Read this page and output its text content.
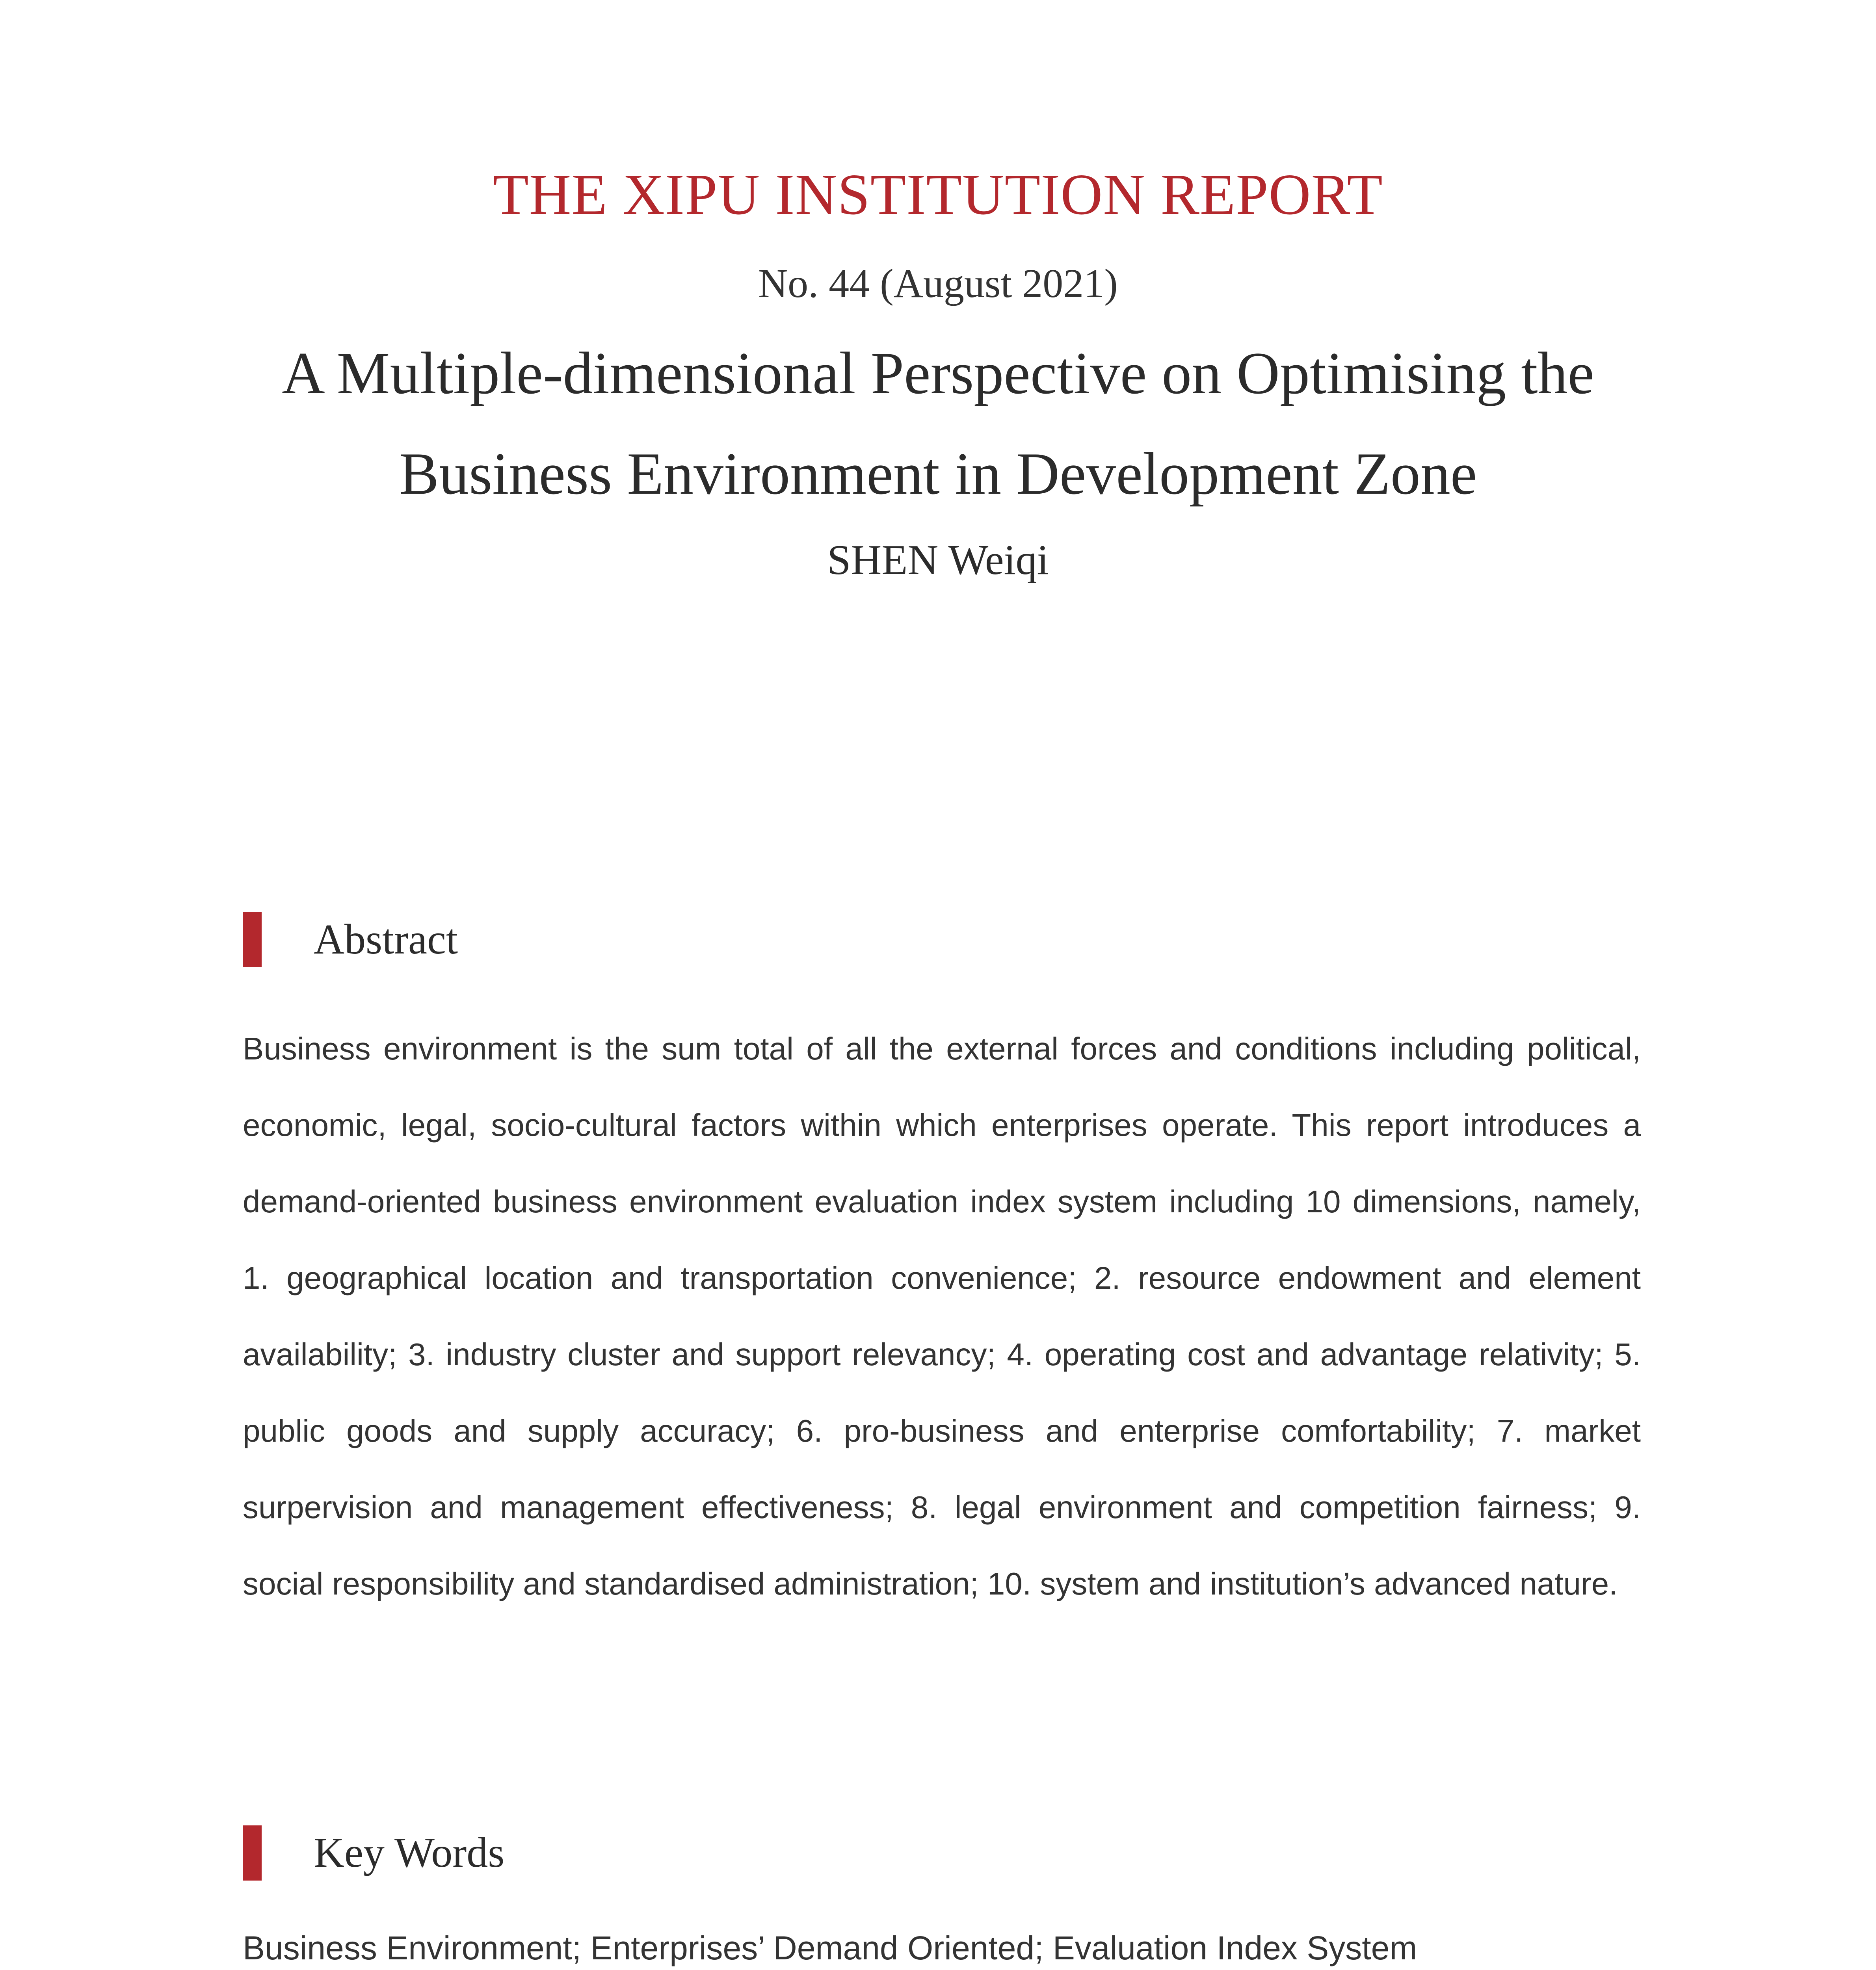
THE XIPU INSTITUTION REPORT
No. 44 (August 2021)
A Multiple-dimensional Perspective on Optimising the
Business Environment in Development Zone
SHEN Weiqi
Abstract
Business environment is the sum total of all the external forces and conditions including political, economic, legal, socio-cultural factors within which enterprises operate. This report introduces a demand-oriented business environment evaluation index system including 10 dimensions, namely, 1. geographical location and transportation convenience; 2. resource endowment and element availability; 3. industry cluster and support relevancy; 4. operating cost and advantage relativity; 5. public goods and supply accuracy; 6. pro-business and enterprise comfortability; 7. market surpervision and management effectiveness; 8. legal environment and competition fairness; 9. social responsibility and standardised administration; 10. system and institution’s advanced nature.
Key Words
Business Environment; Enterprises’ Demand Oriented; Evaluation Index System
